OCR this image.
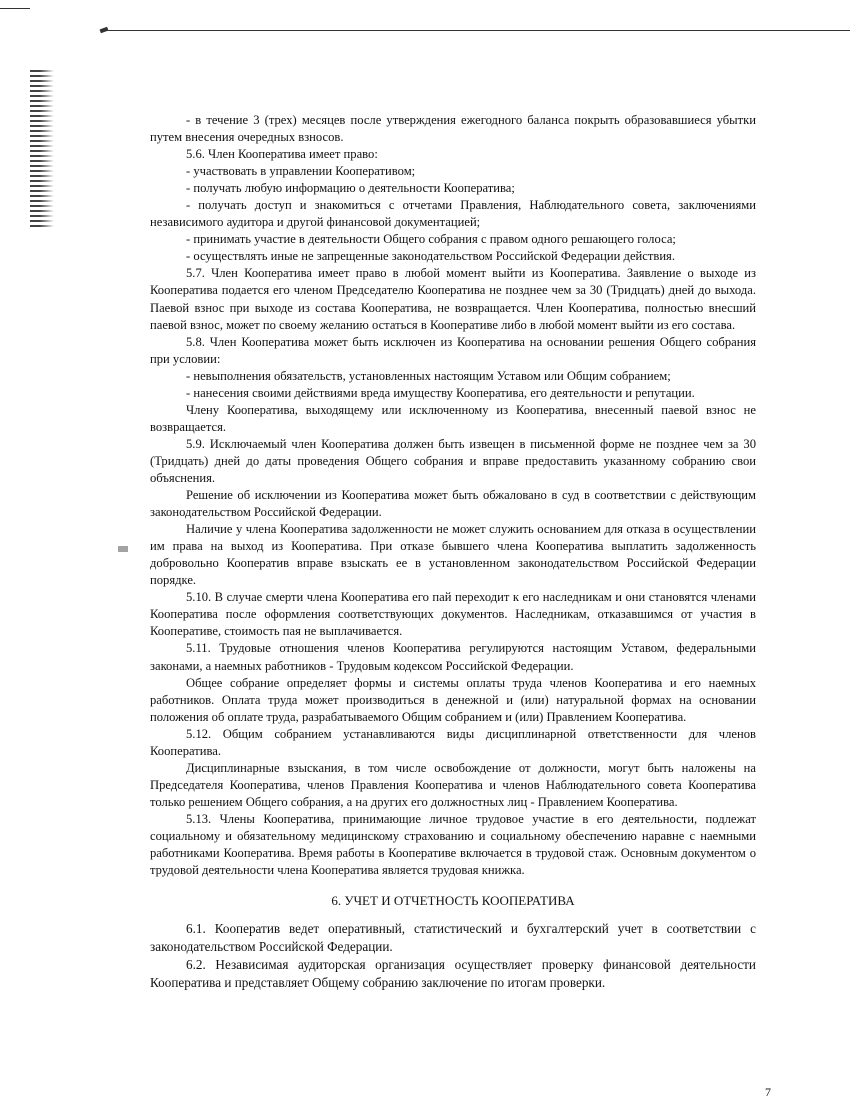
- в течение 3 (трех) месяцев после утверждения ежегодного баланса покрыть образовавшиеся убытки путем внесения очередных взносов.

5.6. Член Кооператива имеет право:

- участвовать в управлении Кооперативом;

- получать любую информацию о деятельности Кооператива;

- получать доступ и знакомиться с отчетами Правления, Наблюдательного совета, заключениями независимого аудитора и другой финансовой документацией;

- принимать участие в деятельности Общего собрания с правом одного решающего голоса;

- осуществлять иные не запрещенные законодательством Российской Федерации действия.

5.7. Член Кооператива имеет право в любой момент выйти из Кооператива. Заявление о выходе из Кооператива подается его членом Председателю Кооператива не позднее чем за 30 (Тридцать) дней до выхода. Паевой взнос при выходе из состава Кооператива, не возвращается. Член Кооператива, полностью внесший паевой взнос, может по своему желанию остаться в Кооперативе либо в любой момент выйти из его состава.

5.8. Член Кооператива может быть исключен из Кооператива на основании решения Общего собрания при условии:

- невыполнения обязательств, установленных настоящим Уставом или Общим собранием;

- нанесения своими действиями вреда имуществу Кооператива, его деятельности и репутации.

Члену Кооператива, выходящему или исключенному из Кооператива, внесенный паевой взнос не возвращается.

5.9. Исключаемый член Кооператива должен быть извещен в письменной форме не позднее чем за 30 (Тридцать) дней до даты проведения Общего собрания и вправе предоставить указанному собранию свои объяснения.

Решение об исключении из Кооператива может быть обжаловано в суд в соответствии с действующим законодательством Российской Федерации.

Наличие у члена Кооператива задолженности не может служить основанием для отказа в осуществлении им права на выход из Кооператива. При отказе бывшего члена Кооператива выплатить задолженность добровольно Кооператив вправе взыскать ее в установленном законодательством Российской Федерации порядке.

5.10. В случае смерти члена Кооператива его пай переходит к его наследникам и они становятся членами Кооператива после оформления соответствующих документов. Наследникам, отказавшимся от участия в Кооперативе, стоимость пая не выплачивается.

5.11. Трудовые отношения членов Кооператива регулируются настоящим Уставом, федеральными законами, а наемных работников - Трудовым кодексом Российской Федерации.

Общее собрание определяет формы и системы оплаты труда членов Кооператива и его наемных работников. Оплата труда может производиться в денежной и (или) натуральной формах на основании положения об оплате труда, разрабатываемого Общим собранием и (или) Правлением Кооператива.

5.12. Общим собранием устанавливаются виды дисциплинарной ответственности для членов Кооператива.

Дисциплинарные взыскания, в том числе освобождение от должности, могут быть наложены на Председателя Кооператива, членов Правления Кооператива и членов Наблюдательного совета Кооператива только решением Общего собрания, а на других его должностных лиц - Правлением Кооператива.

5.13. Члены Кооператива, принимающие личное трудовое участие в его деятельности, подлежат социальному и обязательному медицинскому страхованию и социальному обеспечению наравне с наемными работниками Кооператива. Время работы в Кооперативе включается в трудовой стаж. Основным документом о трудовой деятельности члена Кооператива является трудовая книжка.

6. УЧЕТ И ОТЧЕТНОСТЬ КООПЕРАТИВА

6.1. Кооператив ведет оперативный, статистический и бухгалтерский учет в соответствии с законодательством Российской Федерации.

6.2. Независимая аудиторская организация осуществляет проверку финансовой деятельности Кооператива и представляет Общему собранию заключение по итогам проверки.

7
